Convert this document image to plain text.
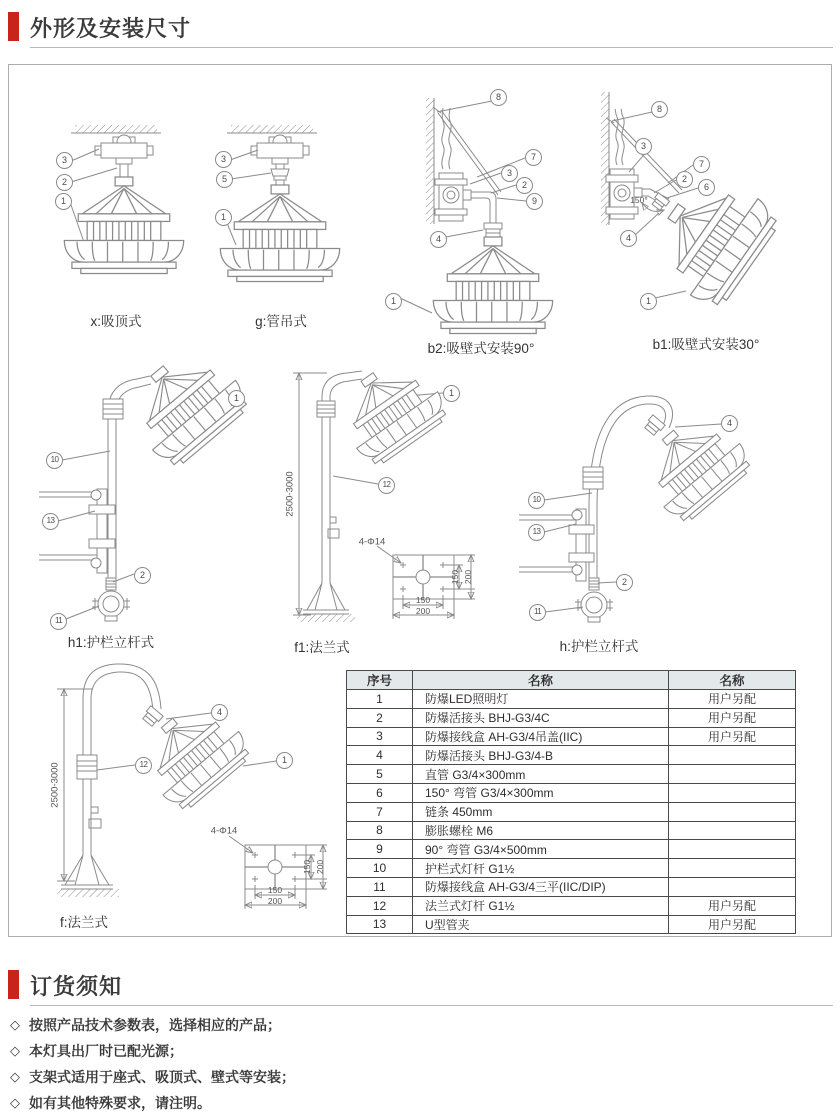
外形及安装尺寸
3
2
1
3
5
1
8
7
3
2
9
4
1
8
3
7
2
6
4
1
1
10
13
2
11
1
12
4
10
13
2
11
4
12	1
x:吸顶式	g:管吊式
b2:吸壁式安装90°	b1:吸壁式安装30°
h1:护栏立杆式	f1:法兰式	h:护栏立杆式
f:法兰式
150°
2500-3000
4-Φ14
150 200
150
200
2500-3000
4-Φ14
150 200
150
200
序号	名称	名称
1	防爆LED照明灯	用户另配
2	防爆活接头 BHJ-G3/4C	用户另配
3	防爆接线盒 AH-G3/4吊盖(IIC)	用户另配
4	防爆活接头 BHJ-G3/4-B	
5	直管 G3/4×300mm	
6	150° 弯管 G3/4×300mm	
7	链条 450mm	
8	膨胀螺栓 M6	
9	90° 弯管 G3/4×500mm	
10	护栏式灯杆 G1½	
11	防爆接线盒 AH-G3/4三平(IIC/DIP)	
12	法兰式灯杆 G1½	用户另配
13	U型管夹	用户另配
订货须知
◇ 按照产品技术参数表，选择相应的产品；
◇ 本灯具出厂时已配光源；
◇ 支架式适用于座式、吸顶式、壁式等安装；
◇ 如有其他特殊要求，请注明。
